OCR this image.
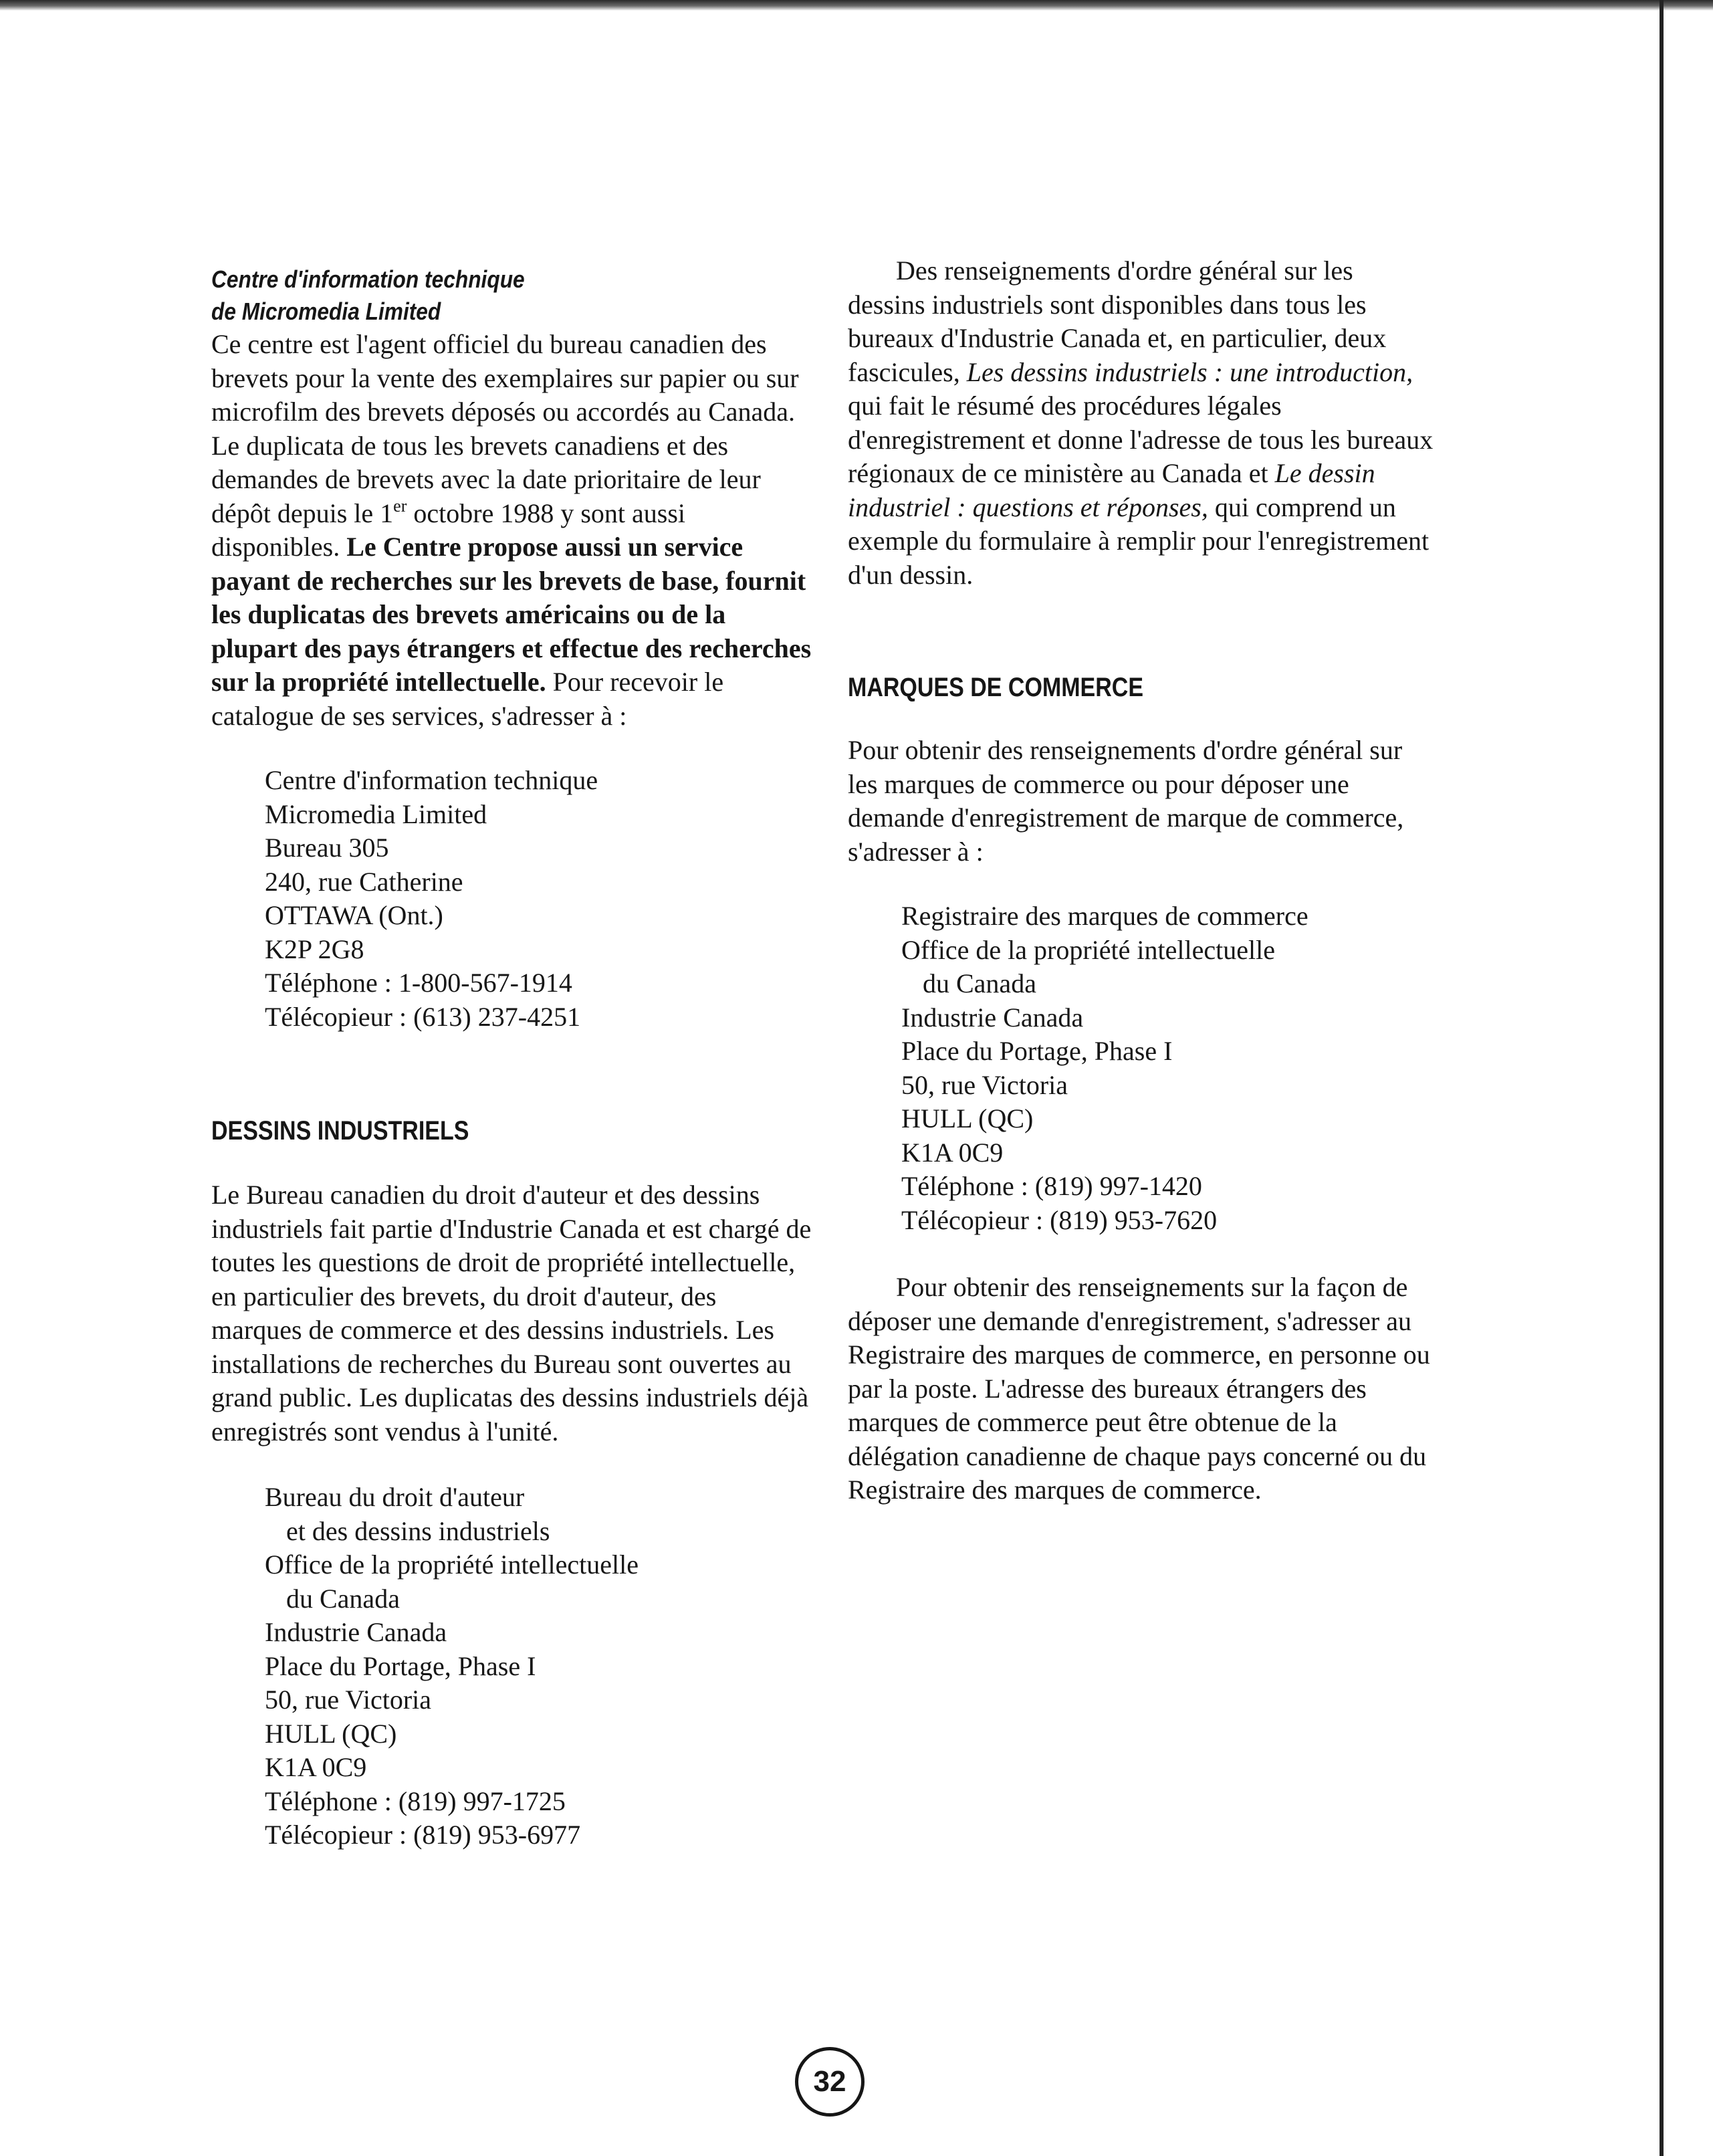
Centre d'information technique
de Micromedia Limited

Ce centre est l'agent officiel du bureau canadien des brevets pour la vente des exemplaires sur papier ou sur microfilm des brevets déposés ou accordés au Canada. Le duplicata de tous les brevets canadiens et des demandes de brevets avec la date prioritaire de leur dépôt depuis le 1er octobre 1988 y sont aussi disponibles. Le Centre propose aussi un service payant de recherches sur les brevets de base, fournit les duplicatas des brevets américains ou de la plupart des pays étrangers et effectue des recherches sur la propriété intellectuelle. Pour recevoir le catalogue de ses services, s'adresser à :

Centre d'information technique
Micromedia Limited
Bureau 305
240, rue Catherine
OTTAWA (Ont.)
K2P 2G8
Téléphone : 1-800-567-1914
Télécopieur : (613) 237-4251
DESSINS INDUSTRIELS

Le Bureau canadien du droit d'auteur et des dessins industriels fait partie d'Industrie Canada et est chargé de toutes les questions de droit de propriété intellectuelle, en particulier des brevets, du droit d'auteur, des marques de commerce et des dessins industriels. Les installations de recherches du Bureau sont ouvertes au grand public. Les duplicatas des dessins industriels déjà enregistrés sont vendus à l'unité.

Bureau du droit d'auteur
et des dessins industriels
Office de la propriété intellectuelle
du Canada
Industrie Canada
Place du Portage, Phase I
50, rue Victoria
HULL (QC)
K1A 0C9
Téléphone : (819) 997-1725
Télécopieur : (819) 953-6977

Des renseignements d'ordre général sur les dessins industriels sont disponibles dans tous les bureaux d'Industrie Canada et, en particulier, deux fascicules, Les dessins industriels : une introduction, qui fait le résumé des procédures légales d'enregistrement et donne l'adresse de tous les bureaux régionaux de ce ministère au Canada et Le dessin industriel : questions et réponses, qui comprend un exemple du formulaire à remplir pour l'enregistrement d'un dessin.

MARQUES DE COMMERCE

Pour obtenir des renseignements d'ordre général sur les marques de commerce ou pour déposer une demande d'enregistrement de marque de commerce, s'adresser à :

Registraire des marques de commerce
Office de la propriété intellectuelle
du Canada
Industrie Canada
Place du Portage, Phase I
50, rue Victoria
HULL (QC)
K1A 0C9
Téléphone : (819) 997-1420
Télécopieur : (819) 953-7620

Pour obtenir des renseignements sur la façon de déposer une demande d'enregistrement, s'adresser au Registraire des marques de commerce, en personne ou par la poste. L'adresse des bureaux étrangers des marques de commerce peut être obtenue de la délégation canadienne de chaque pays concerné ou du Registraire des marques de commerce.

32
